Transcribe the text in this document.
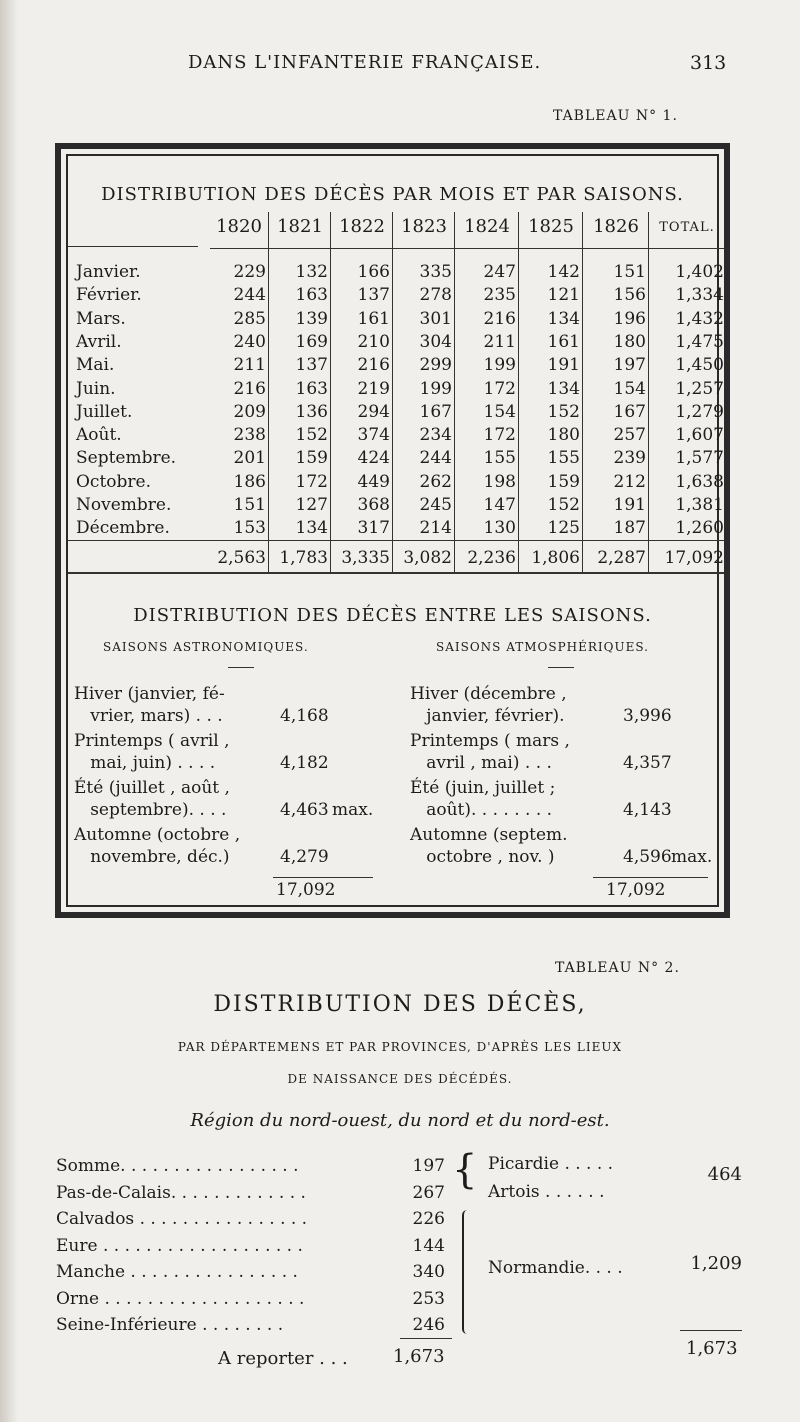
DANS L'INFANTERIE FRANÇAISE.	313
TABLEAU N° 1.
DISTRIBUTION DES DÉCÈS PAR MOIS ET PAR SAISONS.
1820 1821 1822 1823 1824	1825	1826	TOTAL.
Janvier.	229	132	166	335	247	142	151	1,402
Février.	244	163	137	278	235	121	156	1,334
Mars.	285	139	161	301	216	134	196	1,432
Avril.	240	169	210	304	211	161	180	1,475
Mai.	211	137	216	299	199	191	197	1,450
Juin.	216	163	219	199	172	134	154	1,257
Juillet.	209	136	294	167	154	152	167	1,279
Août.	238	152	374	234	172	180	257	1,607
Septembre.	201	159	424	244	155	155	239	1,577
Octobre.	186	172	449	262	198	159	212	1,638
Novembre.	151	127	368	245	147	152	191	1,381
Décembre.	153	134	317	214	130	125	187	1,260
2,563 1,783 3,335 3,082 2,236 1,806	2,287	17,092
DISTRIBUTION DES DÉCÈS ENTRE LES SAISONS.
SAISONS ASTRONOMIQUES.	SAISONS ATMOSPHÉRIQUES.
Hiver (janvier, fé-
vrier, mars) . . .	4,168
Printemps ( avril ,
mai, juin) . . . .	4,182
Été (juillet , août ,
septembre). . . .	4,463 max.
Automne (octobre ,
novembre, déc.)	4,279
Hiver (décembre ,
janvier, février).	3,996
Printemps ( mars ,
avril , mai) . . .	4,357
Été (juin, juillet ;
août). . . . . . . .	4,143
Automne (septem.
octobre , nov. )	4,596 max.
17,092	17,092
TABLEAU N° 2.
DISTRIBUTION DES DÉCÈS,
PAR DÉPARTEMENS ET PAR PROVINCES, D'APRÈS LES LIEUX
DE NAISSANCE DES DÉCÉDÉS.
Région du nord-ouest, du nord et du nord-est.
Somme. . . . . . . . . . . . . . . . .	197
Pas-de-Calais. . . . . . . . . . . . .	267
Calvados . . . . . . . . . . . . . . . .	226
Eure . . . . . . . . . . . . . . . . . . .	144
Manche . . . . . . . . . . . . . . . .	340
Orne . . . . . . . . . . . . . . . . . . .	253
Seine-Inférieure . . . . . . . .	246
{ Picardie . . . . .	464
Artois . . . . . .
Normandie. . . .	1,209
A reporter . . .	1,673	1,673
